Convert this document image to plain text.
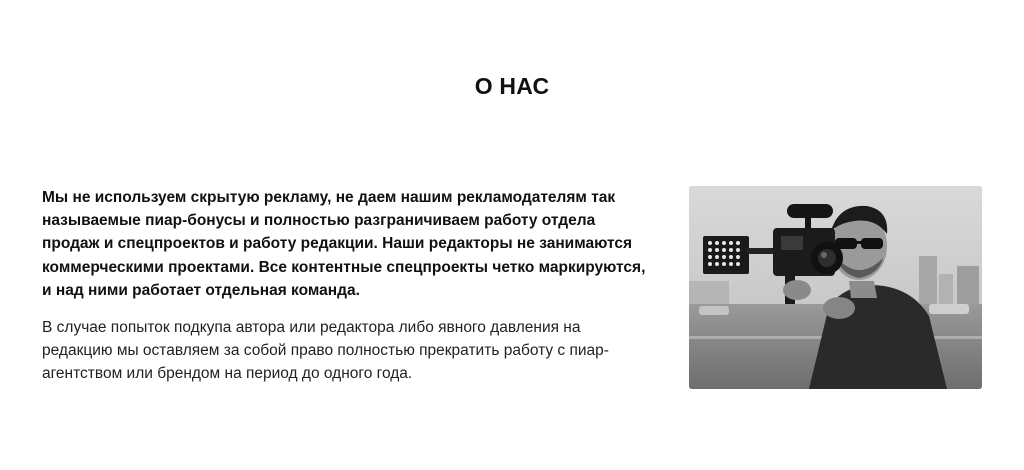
О НАС

Мы не используем скрытую рекламу, не даем нашим рекламодателям так называемые пиар-бонусы и полностью разграничиваем работу отдела продаж и спецпроектов и работу редакции. Наши редакторы не занимаются коммерческими проектами. Все контентные спецпроекты четко маркируются, и над ними работает отдельная команда.

В случае попыток подкупа автора или редактора либо явного давления на редакцию мы оставляем за собой право полностью прекратить работу с пиар-агентством или брендом на период до одного года.
